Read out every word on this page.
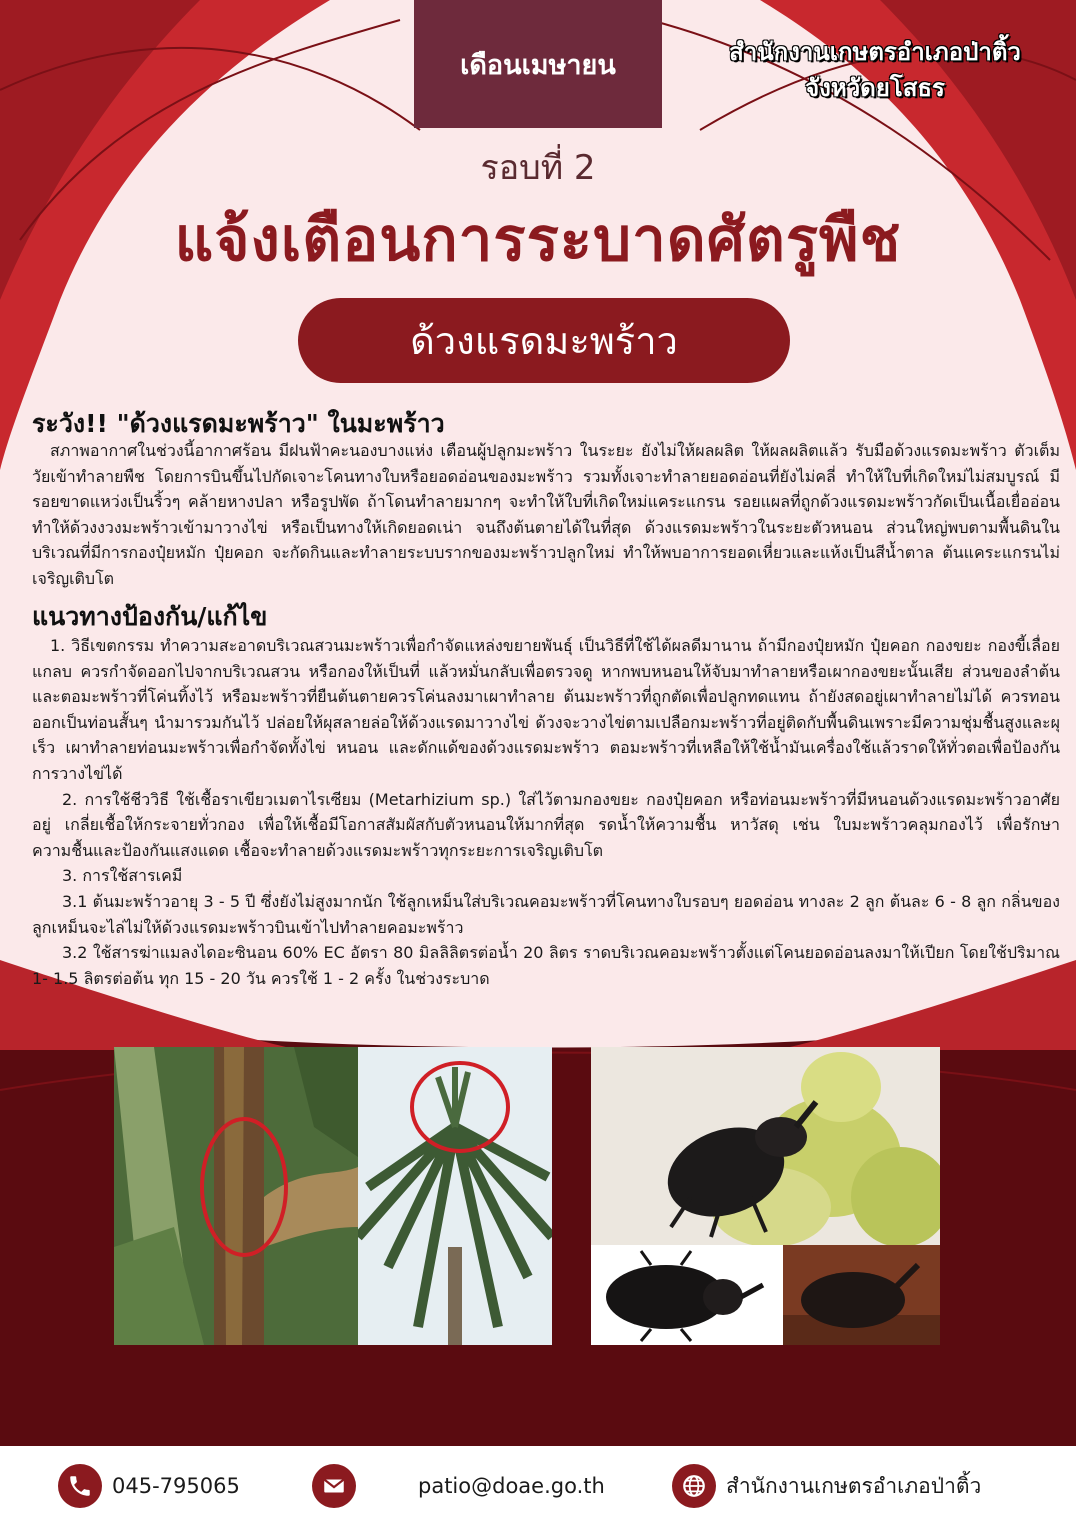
เดือนเมษายน	สำนักงานเกษตรอำเภอป่าติ้ว
จังหวัดยโสธร
รอบที่ 2
แจ้งเตือนการระบาดศัตรูพืช
ด้วงแรดมะพร้าว
ระวัง!! "ด้วงแรดมะพร้าว" ในมะพร้าว

สภาพอากาศในช่วงนี้อากาศร้อน มีฝนฟ้าคะนองบางแห่ง เตือนผู้ปลูกมะพร้าว ในระยะ ยังไม่ให้ผลผลิต ให้ผลผลิตแล้ว รับมือด้วงแรดมะพร้าว ตัวเต็มวัยเข้าทำลายพืช โดยการบินขึ้นไปกัดเจาะโคนทางใบหรือยอดอ่อนของมะพร้าว รวมทั้งเจาะทำลายยอดอ่อนที่ยังไม่คลี่ ทำให้ใบที่เกิดใหม่ไม่สมบูรณ์ มีรอยขาดแหว่งเป็นริ้วๆ คล้ายหางปลา หรือรูปพัด ถ้าโดนทำลายมากๆ จะทำให้ใบที่เกิดใหม่แคระแกรน รอยแผลที่ถูกด้วงแรดมะพร้าวกัดเป็นเนื้อเยื่ออ่อนทำให้ด้วงงวงมะพร้าวเข้ามาวางไข่ หรือเป็นทางให้เกิดยอดเน่า จนถึงต้นตายได้ในที่สุด ด้วงแรดมะพร้าวในระยะตัวหนอน ส่วนใหญ่พบตามพื้นดินในบริเวณที่มีการกองปุ๋ยหมัก ปุ๋ยคอก จะกัดกินและทำลายระบบรากของมะพร้าวปลูกใหม่ ทำให้พบอาการยอดเหี่ยวและแห้งเป็นสีน้ำตาล ต้นแคระแกรนไม่เจริญเติบโต

แนวทางป้องกัน/แก้ไข

1. วิธีเขตกรรม ทำความสะอาดบริเวณสวนมะพร้าวเพื่อกำจัดแหล่งขยายพันธุ์ เป็นวิธีที่ใช้ได้ผลดีมานาน ถ้ามีกองปุ๋ยหมัก ปุ๋ยคอก กองขยะ กองขี้เลื่อย แกลบ ควรกำจัดออกไปจากบริเวณสวน หรือกองให้เป็นที่ แล้วหมั่นกลับเพื่อตรวจดู หากพบหนอนให้จับมาทำลายหรือเผากองขยะนั้นเสีย ส่วนของลำต้นและตอมะพร้าวที่โค่นทิ้งไว้ หรือมะพร้าวที่ยืนต้นตายควรโค่นลงมาเผาทำลาย ต้นมะพร้าวที่ถูกตัดเพื่อปลูกทดแทน ถ้ายังสดอยู่เผาทำลายไม่ได้ ควรทอนออกเป็นท่อนสั้นๆ นำมารวมกันไว้ ปล่อยให้ผุสลายล่อให้ด้วงแรดมาวางไข่ ด้วงจะวางไข่ตามเปลือกมะพร้าวที่อยู่ติดกับพื้นดินเพราะมีความชุ่มชื้นสูงและผุเร็ว เผาทำลายท่อนมะพร้าวเพื่อกำจัดทั้งไข่ หนอน และดักแด้ของด้วงแรดมะพร้าว ตอมะพร้าวที่เหลือให้ใช้น้ำมันเครื่องใช้แล้วราดให้ทั่วตอเพื่อป้องกันการวางไข่ได้

2. การใช้ชีววิธี ใช้เชื้อราเขียวเมตาไรเซียม (Metarhizium sp.) ใส่ไว้ตามกองขยะ กองปุ๋ยคอก หรือท่อนมะพร้าวที่มีหนอนด้วงแรดมะพร้าวอาศัยอยู่ เกลี่ยเชื้อให้กระจายทั่วกอง เพื่อให้เชื้อมีโอกาสสัมผัสกับตัวหนอนให้มากที่สุด รดน้ำให้ความชื้น หาวัสดุ เช่น ใบมะพร้าวคลุมกองไว้ เพื่อรักษาความชื้นและป้องกันแสงแดด เชื้อจะทำลายด้วงแรดมะพร้าวทุกระยะการเจริญเติบโต

3. การใช้สารเคมี

3.1 ต้นมะพร้าวอายุ 3 - 5 ปี ซึ่งยังไม่สูงมากนัก ใช้ลูกเหม็นใส่บริเวณคอมะพร้าวที่โคนทางใบรอบๆ ยอดอ่อน ทางละ 2 ลูก ต้นละ 6 - 8 ลูก กลิ่นของลูกเหม็นจะไล่ไม่ให้ด้วงแรดมะพร้าวบินเข้าไปทำลายคอมะพร้าว

3.2 ใช้สารฆ่าแมลงไดอะซินอน 60% EC อัตรา 80 มิลลิลิตรต่อน้ำ 20 ลิตร ราดบริเวณคอมะพร้าวตั้งแต่โคนยอดอ่อนลงมาให้เปียก โดยใช้ปริมาณ 1- 1.5 ลิตรต่อต้น ทุก 15 - 20 วัน ควรใช้ 1 - 2 ครั้ง ในช่วงระบาด

045-795065	patio@doae.go.th	สำนักงานเกษตรอำเภอป่าติ้ว
